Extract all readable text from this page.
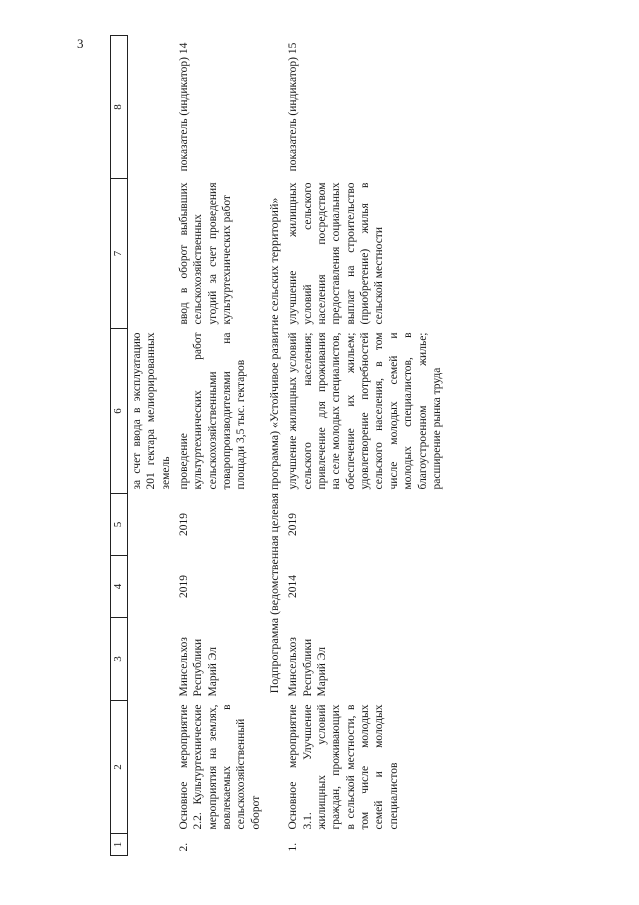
3
1	2	3	4	5	6	7	8
					за счет ввода в эксплуатацию 201 гектара мелиорированных земель		
2.	Основное мероприятие 2.2. Культуртехнические мероприятия на землях, вовлекаемых в сельскохозяйственный оборот	Минсельхоз Республики Марий Эл	2019	2019	проведение культуртехнических работ сельскохозяйственными товаропроизводителями на площади 3,5 тыс. гектаров	ввод в оборот выбывших сельскохозяйственных угодий за счет проведения культуртехнических работ	показатель (индикатор) 14
Подпрограмма (ведомственная целевая программа) «Устойчивое развитие сельских территорий»							
1.	Основное мероприятие 3.1. Улучшение жилищных условий граждан, проживающих в сельской местности, в том числе молодых семей и молодых специалистов	Минсельхоз Республики Марий Эл	2014	2019	улучшение жилищных условий сельского населения; привлечение для проживания на селе молодых специалистов, обеспечение их жильем; удовлетворение потребностей сельского населения, в том числе молодых семей и молодых специалистов, в благоустроенном жилье; расширение рынка труда	улучшение жилищных условий сельского населения посредством предоставления социальных выплат на строительство (приобретение) жилья в сельской местности	показатель (индикатор) 15
